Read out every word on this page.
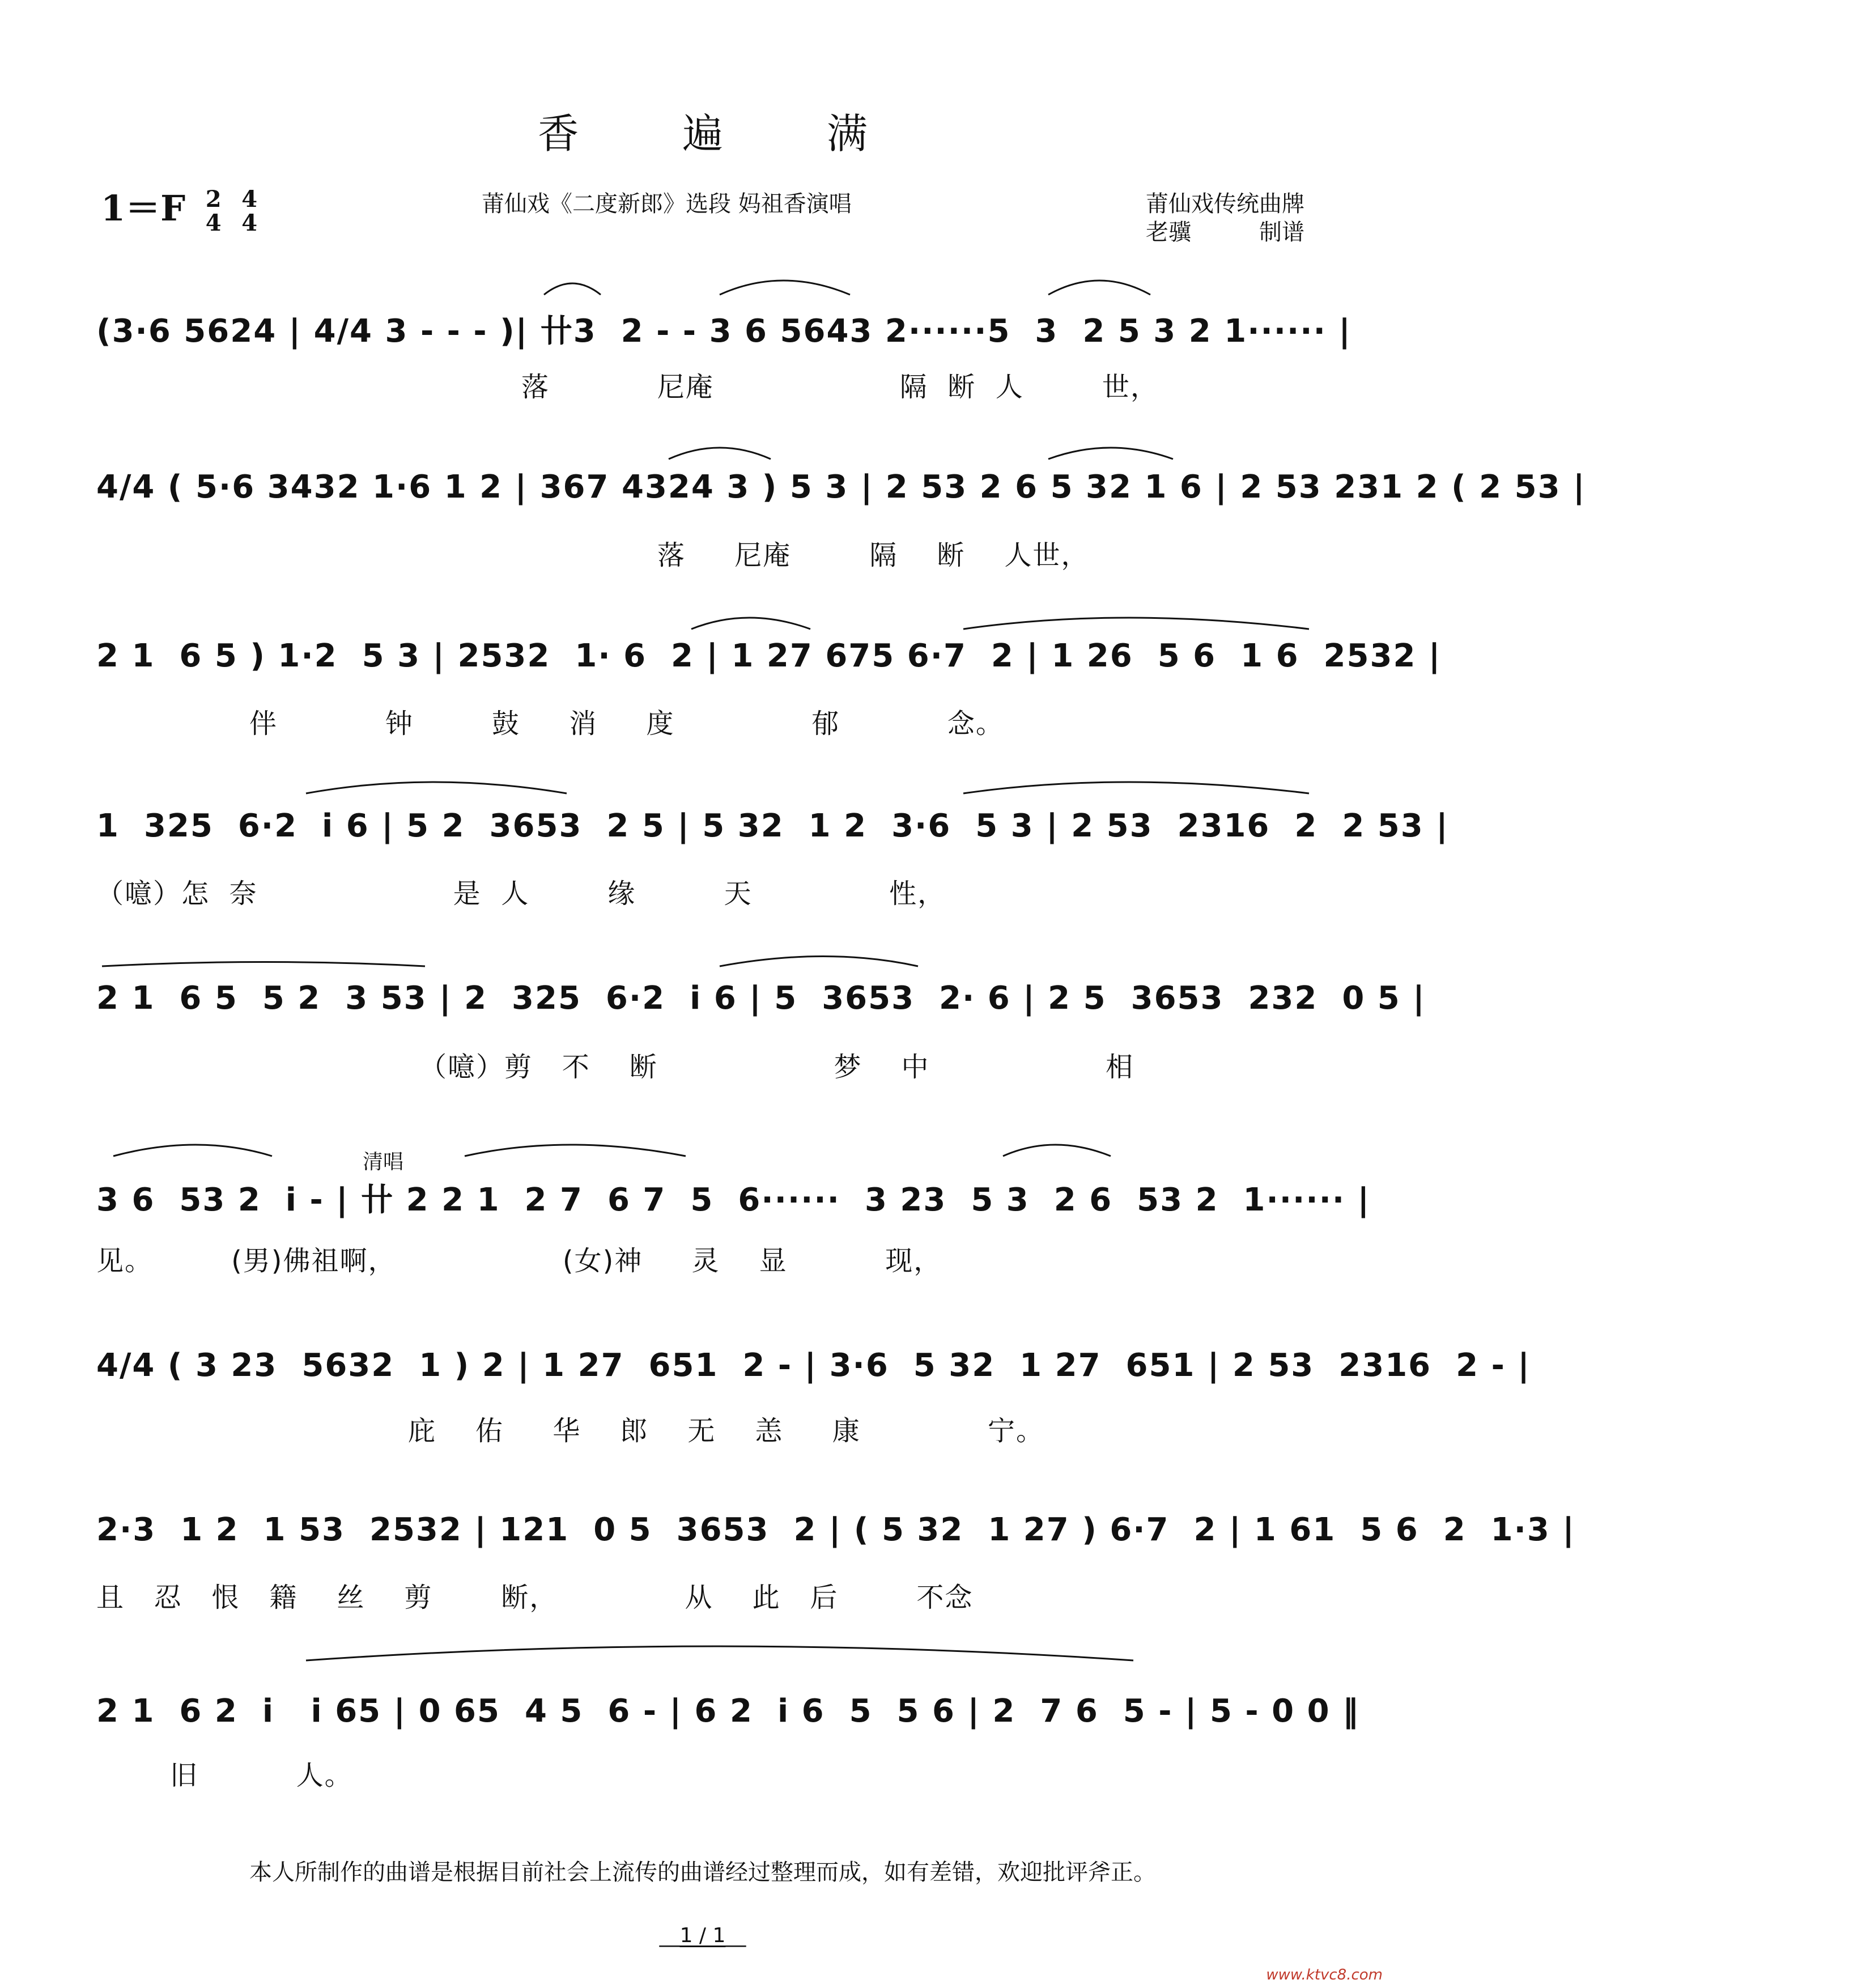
香 遍 满
1＝F 2
4

4
4
莆仙戏《二度新郎》选段 妈祖香演唱	莆仙戏传统曲牌
老骥　　　制谱
(3·6 5624 | 4/4 3 - - - )| 卄3  2 - - 3 6 5643 2······5  3  2 5 3 2 1······ |
落           尼庵                   隔  断  人        世，
4/4 ( 5·6 3432 1·6 1 2 | 367 4324 3 ) 5 3 | 2 53 2 6 5 32 1 6 | 2 53 231 2 ( 2 53 |
落     尼庵        隔    断    人世，
2 1  6 5 ) 1·2  5 3 | 2532  1· 6  2 | 1 27 675 6·7  2 | 1 26  5 6  1 6  2532 |
伴           钟        鼓     消     度              郁           念。
1  325  6·2  i 6 | 5 2  3653  2 5 | 5 32  1 2  3·6  5 3 | 2 53  2316  2  2 53 |
（噫）怎  奈                    是  人        缘         天              性，
2 1  6 5  5 2  3 53 | 2  325  6·2  i 6 | 5  3653  2· 6 | 2 5  3653  232  0 5 |
（噫）剪   不    断                  梦    中                  相
清唱
3 6  53 2  i - | 卄 2 2 1  2 7  6 7  5  6······  3 23  5 3  2 6  53 2  1······ |
见。        (男)佛祖啊，                 (女)神     灵    显          现，
4/4 ( 3 23  5632  1 ) 2 | 1 27  651  2 - | 3·6  5 32  1 27  651 | 2 53  2316  2 - |
庇    佑     华    郎    无    恙     康             宁。
2·3  1 2  1 53  2532 | 121  0 5  3653  2 | ( 5 32  1 27 ) 6·7  2 | 1 61  5 6  2  1·3 |
且   忍   恨   籍    丝    剪       断，             从    此   后        不念
2 1  6 2  i   i 65 | 0 65  4 5  6 - | 6 2  i 6  5  5 6 | 2  7 6  5 - | 5 - 0 0 ‖
旧          人。
本人所制作的曲谱是根据目前社会上流传的曲谱经过整理而成，如有差错，欢迎批评斧正。
__1 / 1__
www.ktvc8.com
